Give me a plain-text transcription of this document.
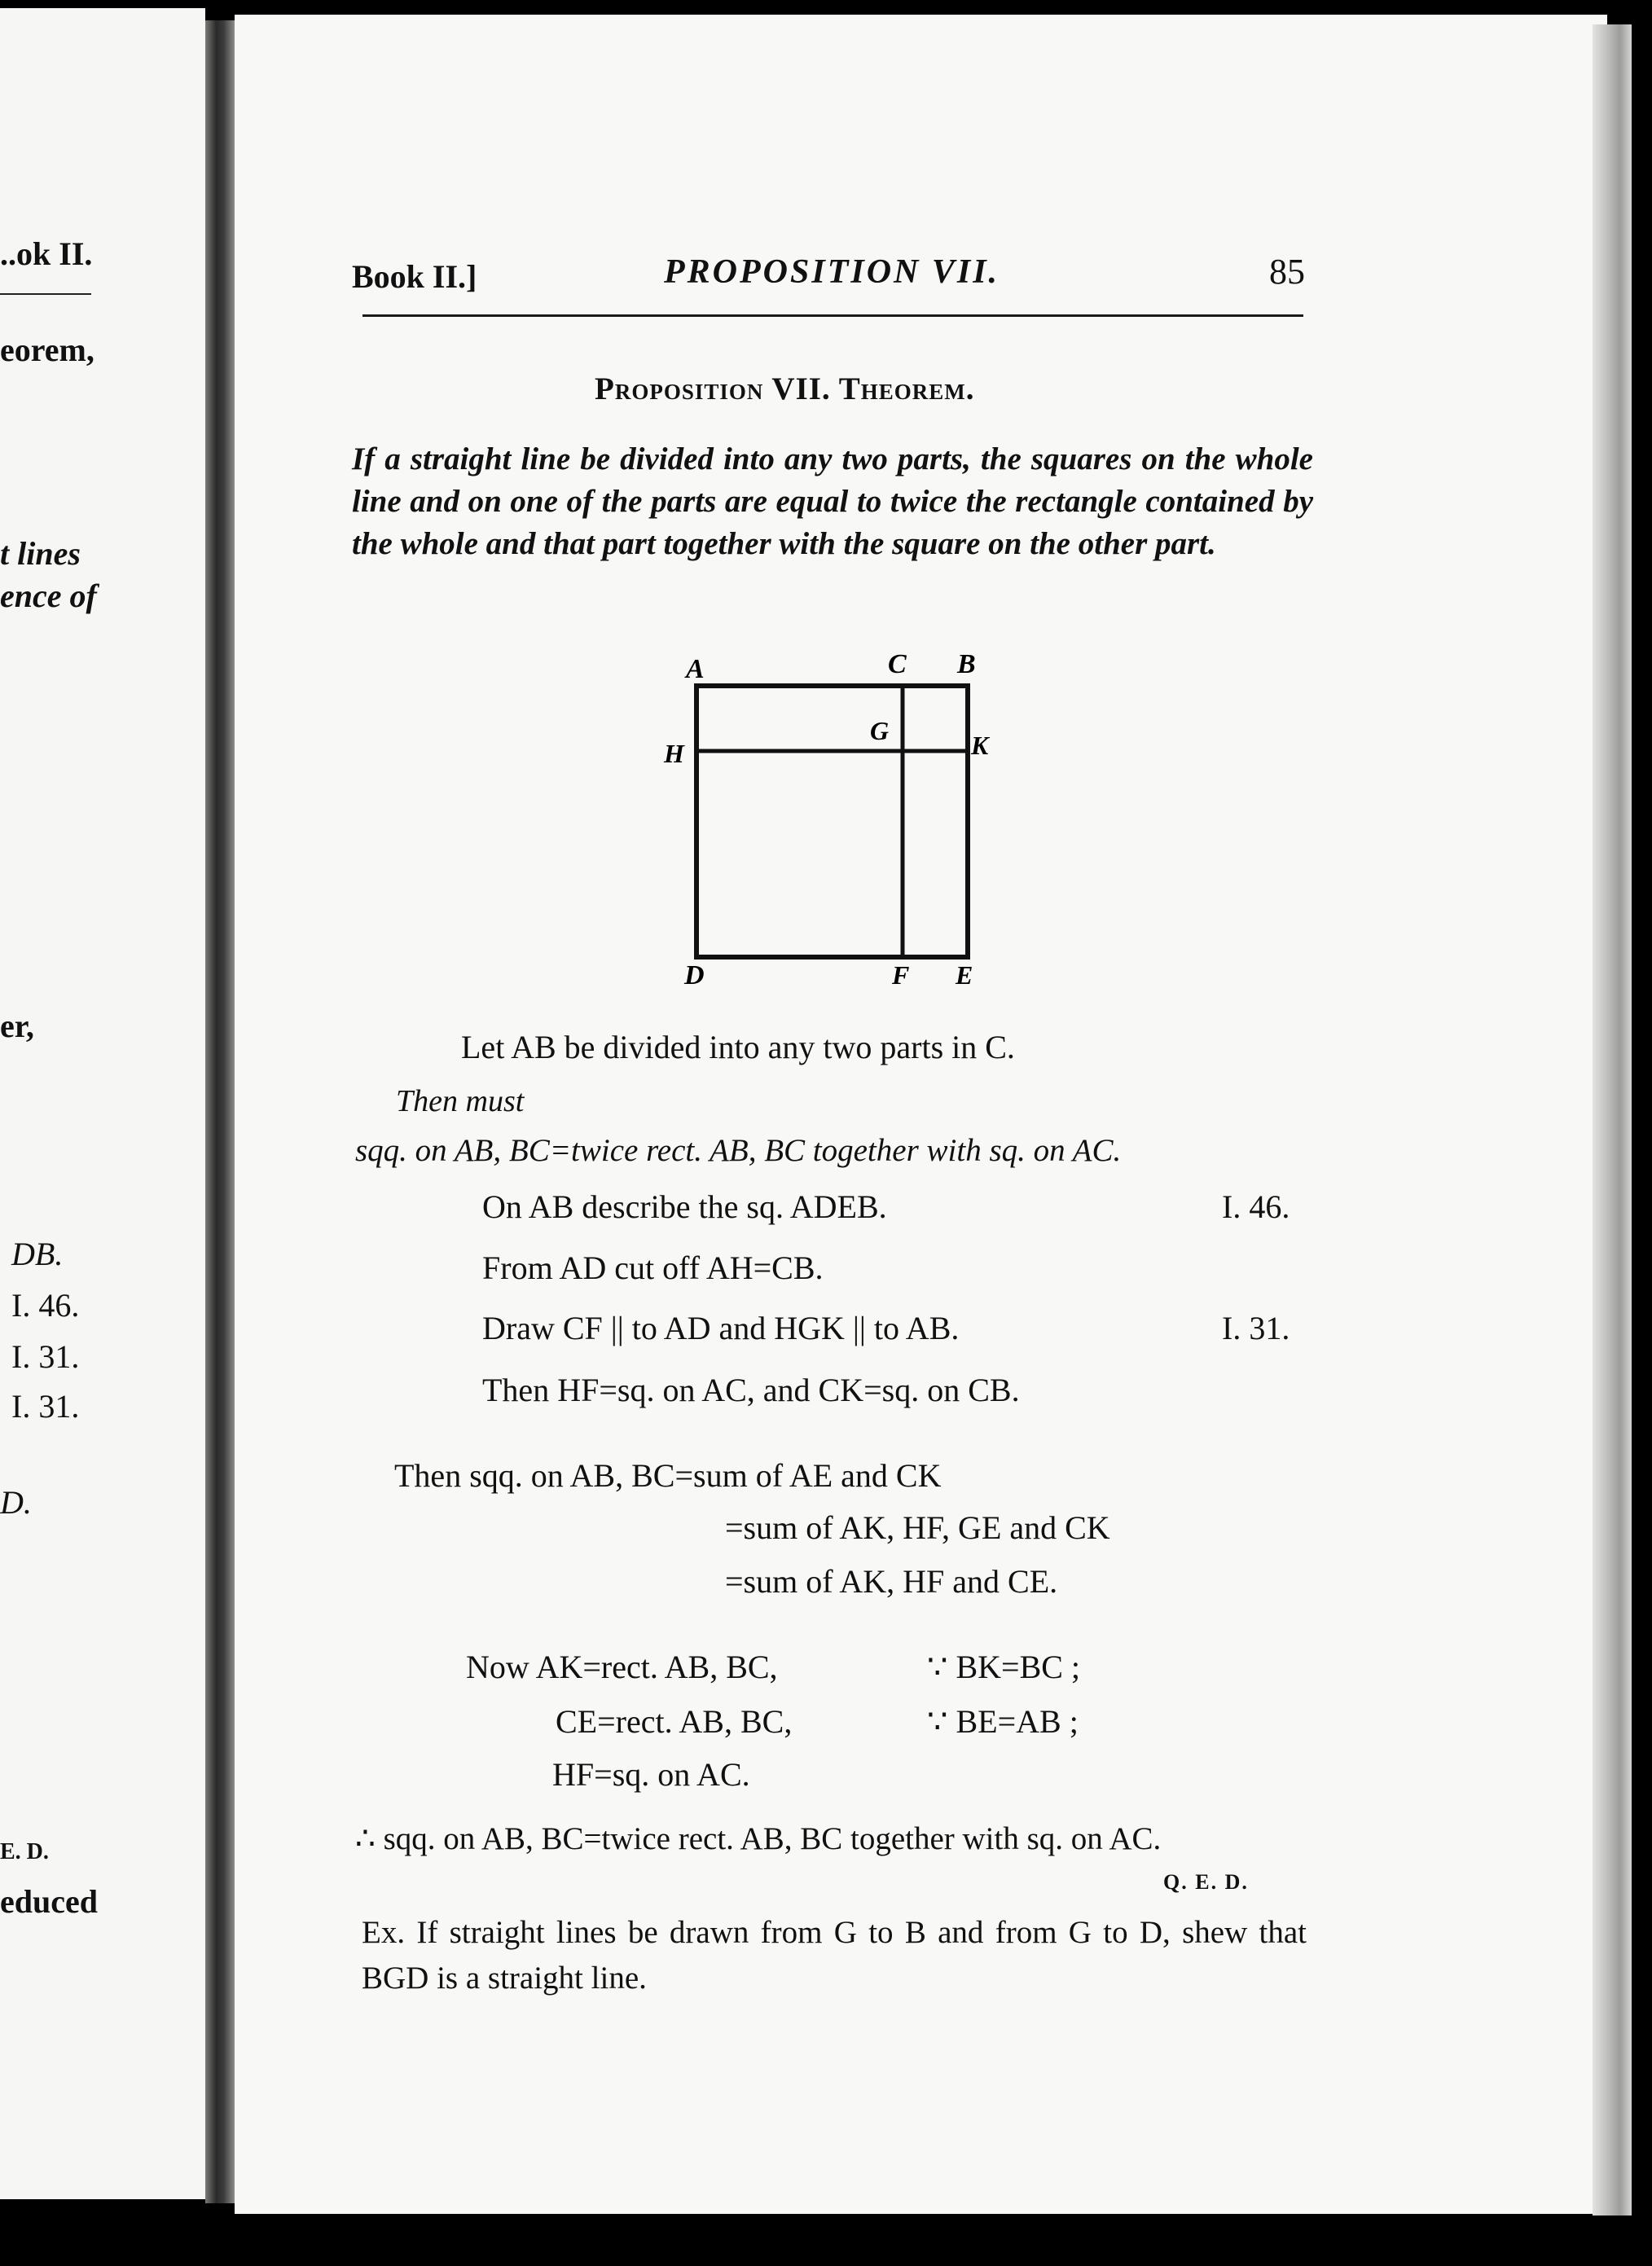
..ok II.
eorem,
t lines
ence of
er,
DB.
I. 46.
I. 31.
I. 31.
D.
E. D.
educed
Book II.]	PROPOSITION VII.	85
Proposition VII. Theorem.
If a straight line be divided into any two parts, the squares on the whole line and on one of the parts are equal to twice the rectangle contained by the whole and that part together with the square on the other part.
A	C B
G
H	K
D	F E
Let AB be divided into any two parts in C.
Then must
sqq. on AB, BC=twice rect. AB, BC together with sq. on AC.
On AB describe the sq. ADEB.	I. 46.
From AD cut off AH=CB.
Draw CF || to AD and HGK || to AB.	I. 31.
Then HF=sq. on AC, and CK=sq. on CB.
Then sqq. on AB, BC=sum of AE and CK
=sum of AK, HF, GE and CK
=sum of AK, HF and CE.
Now AK=rect. AB, BC,	∵ BK=BC ;
CE=rect. AB, BC,	∵ BE=AB ;
HF=sq. on AC.
∴ sqq. on AB, BC=twice rect. AB, BC together with sq. on AC.
Q. E. D.
Ex. If straight lines be drawn from G to B and from G to D, shew that BGD is a straight line.
